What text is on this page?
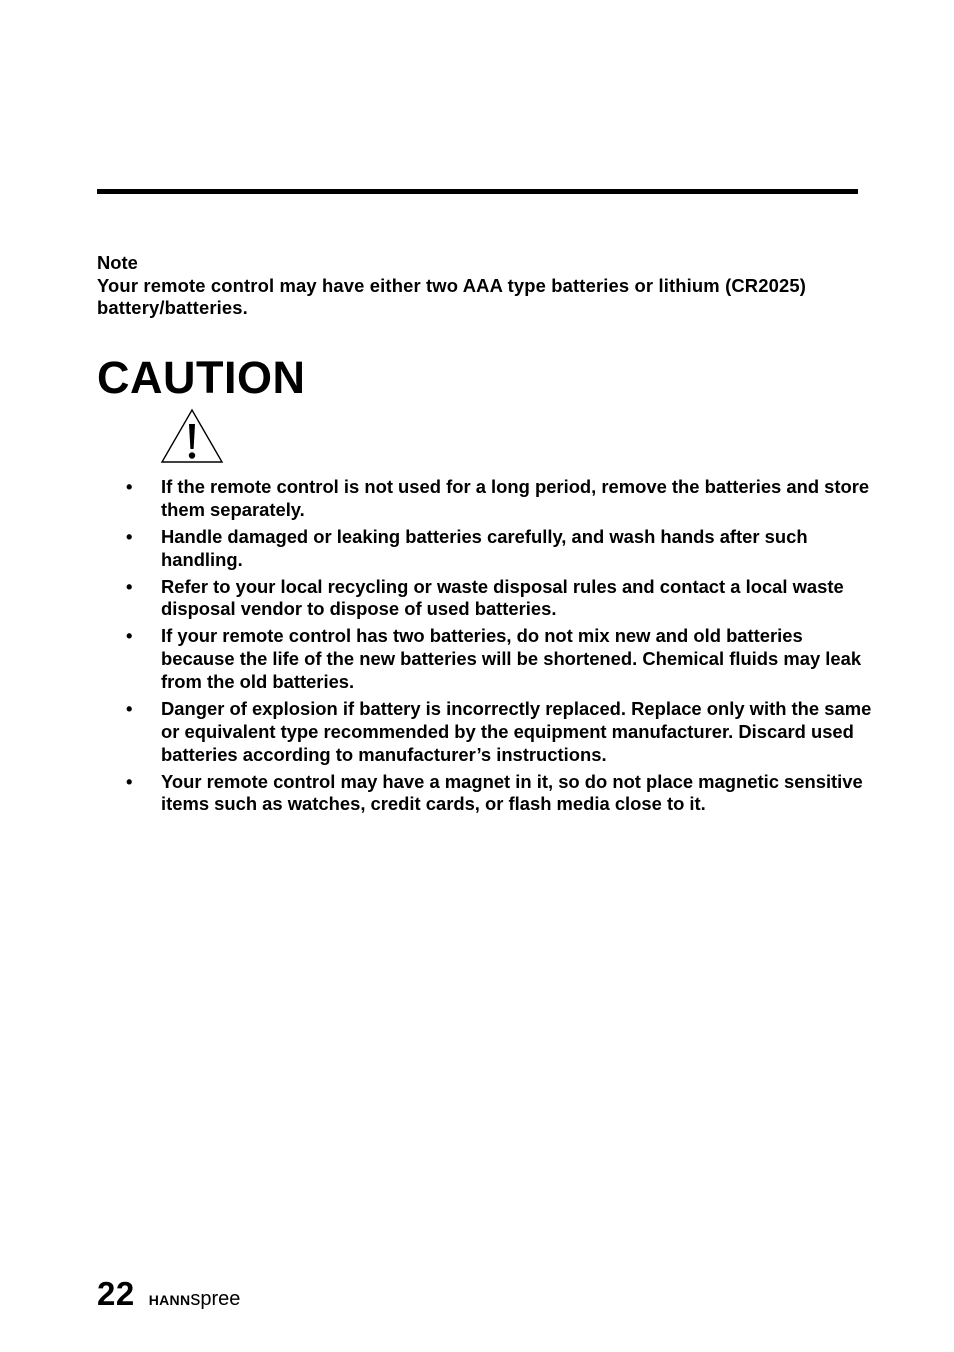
Note
Your remote control may have either two AAA type batteries or lithium (CR2025) battery/batteries.
CAUTION
• If the remote control is not used for a long period, remove the batteries and store them separately.
• Handle damaged or leaking batteries carefully, and wash hands after such handling.
• Refer to your local recycling or waste disposal rules and contact a local waste disposal vendor to dispose of used batteries.
• If your remote control has two batteries, do not mix new and old batteries because the life of the new batteries will be shortened. Chemical fluids may leak from the old batteries.
• Danger of explosion if battery is incorrectly replaced. Replace only with the same or equivalent type recommended by the equipment manufacturer. Discard used batteries according to manufacturer’s instructions.
• Your remote control may have a magnet in it, so do not place magnetic sensitive items such as watches, credit cards, or flash media close to it.
22 HANNspree
